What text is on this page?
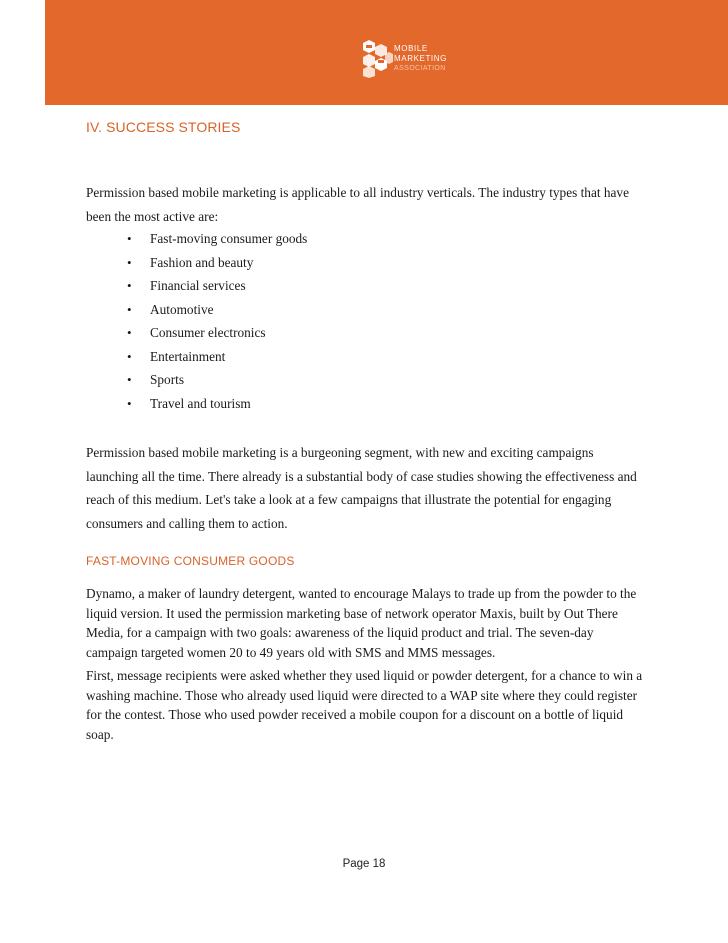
MOBILE
MARKETING
ASSOCIATION
IV. SUCCESS STORIES

Permission based mobile marketing is applicable to all industry verticals. The industry types that have been the most active are:

• Fast-moving consumer goods
• Fashion and beauty
• Financial services
• Automotive
• Consumer electronics
• Entertainment
• Sports
• Travel and tourism

Permission based mobile marketing is a burgeoning segment, with new and exciting campaigns launching all the time. There already is a substantial body of case studies showing the effectiveness and reach of this medium. Let's take a look at a few campaigns that illustrate the potential for engaging consumers and calling them to action.

FAST-MOVING CONSUMER GOODS

Dynamo, a maker of laundry detergent, wanted to encourage Malays to trade up from the powder to the liquid version. It used the permission marketing base of network operator Maxis, built by Out There Media, for a campaign with two goals: awareness of the liquid product and trial. The seven-day campaign targeted women 20 to 49 years old with SMS and MMS messages.

First, message recipients were asked whether they used liquid or powder detergent, for a chance to win a washing machine. Those who already used liquid were directed to a WAP site where they could register for the contest. Those who used powder received a mobile coupon for a discount on a bottle of liquid soap.

Page 18
